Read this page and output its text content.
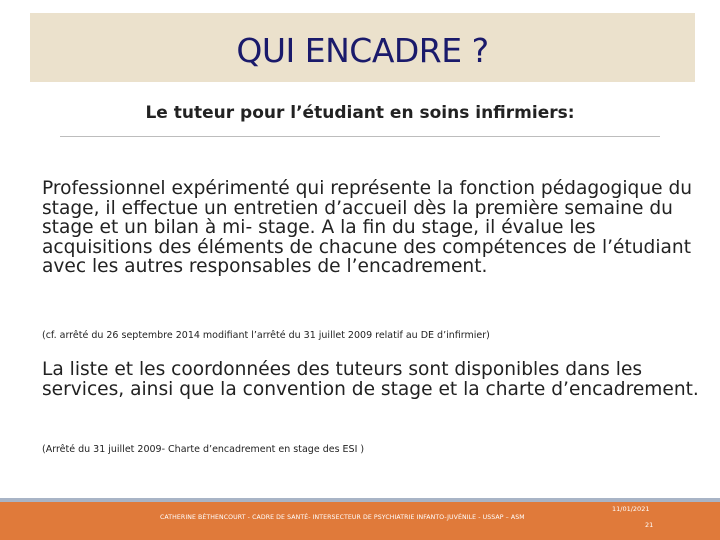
QUI ENCADRE ?
Le tuteur pour l’étudiant en soins infirmiers:

Professionnel expérimenté qui représente la fonction pédagogique du stage, il effectue un entretien d’accueil dès la première semaine du stage et un bilan à mi- stage. A la fin du stage, il évalue les acquisitions des éléments de chacune des compétences de l’étudiant avec les autres responsables de l’encadrement.

(cf. arrêté du 26 septembre 2014 modifiant l’arrêté du 31 juillet 2009 relatif au DE d’infirmier)

La liste et les coordonnées des tuteurs sont disponibles dans les services, ainsi que la convention de stage et la charte d’encadrement.

(Arrêté du 31 juillet 2009- Charte d’encadrement en stage des ESI )

CATHERINE BÉTHENCOURT - CADRE DE SANTÉ- INTERSECTEUR DE PSYCHIATRIE INFANTO-JUVÉNILE - USSAP – ASM
11/01/2021
21
